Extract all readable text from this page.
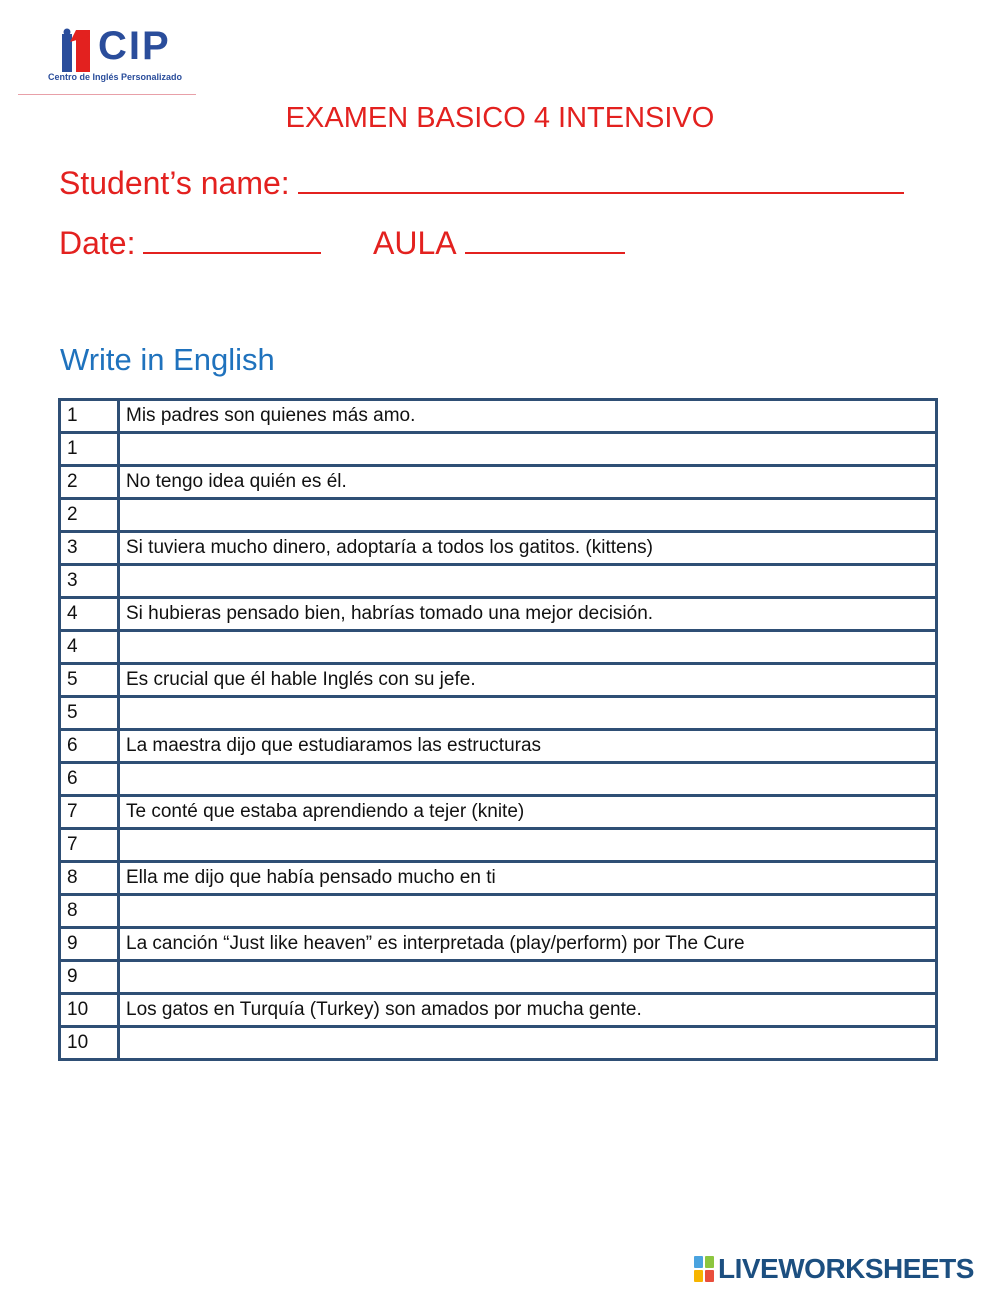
CIP
Centro de Inglés Personalizado
EXAMEN BASICO 4 INTENSIVO
Student’s name:
Date:	AULA
Write in English
1	Mis padres son quienes más amo.
1	
2	No tengo idea quién es él.
2	
3	Si tuviera mucho dinero, adoptaría a todos los gatitos. (kittens)
3	
4	Si hubieras pensado bien, habrías tomado una mejor decisión.
4	
5	Es crucial que él hable Inglés con su jefe.
5	
6	La maestra dijo que estudiaramos las estructuras
6	
7	Te conté que estaba aprendiendo a tejer (knite)
7	
8	Ella me dijo que había pensado mucho en ti
8	
9	La canción “Just like heaven” es interpretada (play/perform) por The Cure
9	
10	Los gatos en Turquía (Turkey) son amados por mucha gente.
10	
LIVEWORKSHEETS
